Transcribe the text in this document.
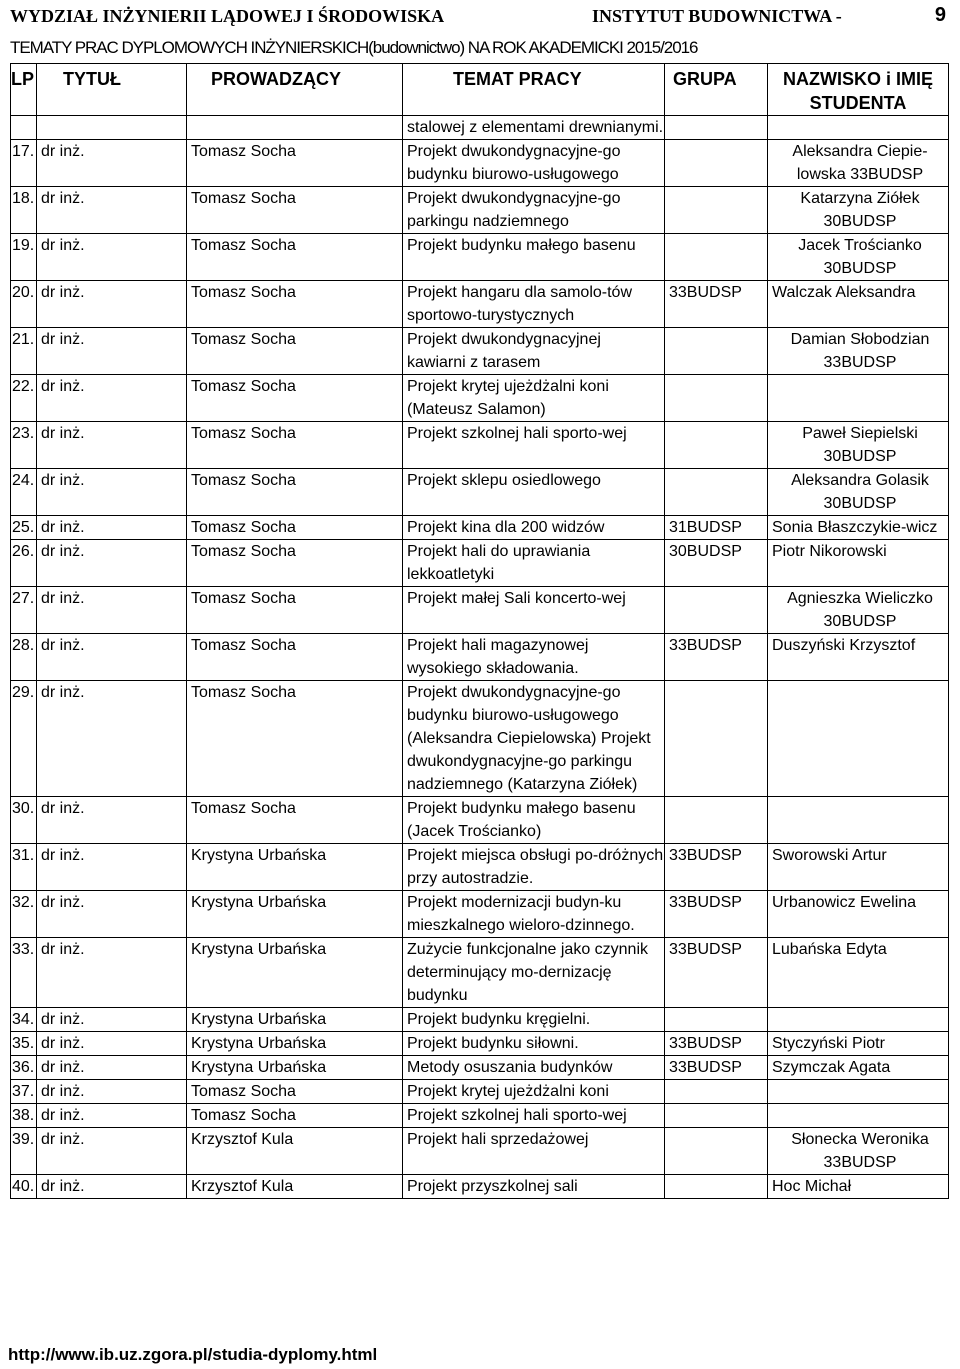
WYDZIAŁ INŻYNIERII LĄDOWEJ I ŚRODOWISKA	INSTYTUT BUDOWNICTWA -	9
TEMATY PRAC DYPLOMOWYCH INŻYNIERSKICH(budownictwo) NA ROK AKADEMICKI 2015/2016
LP	TYTUŁ	PROWADZĄCY	TEMAT PRACY	GRUPA	NAZWISKO i IMIĘ STUDENTA
			stalowej z elementami drewnianymi.		
17.	dr inż.	Tomasz Socha	Projekt dwukondygnacyjne-go budynku biurowo-usługowego		Aleksandra Ciepie-lowska 33BUDSP
18.	dr inż.	Tomasz Socha	Projekt dwukondygnacyjne-go parkingu nadziemnego		Katarzyna Ziółek 30BUDSP
19.	dr inż.	Tomasz Socha	Projekt budynku małego basenu		Jacek Trościanko 30BUDSP
20.	dr inż.	Tomasz Socha	Projekt hangaru dla samolo-tów sportowo-turystycznych	33BUDSP	Walczak Aleksandra
21.	dr inż.	Tomasz Socha	Projekt dwukondygnacyjnej kawiarni z tarasem		Damian Słobodzian 33BUDSP
22.	dr inż.	Tomasz Socha	Projekt krytej ujeżdżalni koni (Mateusz Salamon)		
23.	dr inż.	Tomasz Socha	Projekt szkolnej hali sporto-wej		Paweł Siepielski 30BUDSP
24.	dr inż.	Tomasz Socha	Projekt sklepu osiedlowego		Aleksandra Golasik 30BUDSP
25.	dr inż.	Tomasz Socha	Projekt kina dla 200 widzów	31BUDSP	Sonia Błaszczykie-wicz
26.	dr inż.	Tomasz Socha	Projekt hali do uprawiania lekkoatletyki	30BUDSP	Piotr Nikorowski
27.	dr inż.	Tomasz Socha	Projekt małej Sali koncerto-wej		Agnieszka Wieliczko 30BUDSP
28.	dr inż.	Tomasz Socha	Projekt hali magazynowej wysokiego składowania.	33BUDSP	Duszyński Krzysztof
29.	dr inż.	Tomasz Socha	Projekt dwukondygnacyjne-go budynku biurowo-usługowego (Aleksandra Ciepielowska) Projekt dwukondygnacyjne-go parkingu nadziemnego (Katarzyna Ziółek)		
30.	dr inż.	Tomasz Socha	Projekt budynku małego basenu (Jacek Trościanko)		
31.	dr inż.	Krystyna Urbańska	Projekt miejsca obsługi po-dróżnych przy autostradzie.	33BUDSP	Sworowski Artur
32.	dr inż.	Krystyna Urbańska	Projekt modernizacji budyn-ku mieszkalnego wieloro-dzinnego.	33BUDSP	Urbanowicz Ewelina
33.	dr inż.	Krystyna Urbańska	Zużycie funkcjonalne jako czynnik determinujący mo-dernizację budynku	33BUDSP	Lubańska Edyta
34.	dr inż.	Krystyna Urbańska	Projekt budynku kręgielni.		
35.	dr inż.	Krystyna Urbańska	Projekt budynku siłowni.	33BUDSP	Styczyński Piotr
36.	dr inż.	Krystyna Urbańska	Metody osuszania budynków	33BUDSP	Szymczak Agata
37.	dr inż.	Tomasz Socha	Projekt krytej ujeżdżalni koni		
38.	dr inż.	Tomasz Socha	Projekt szkolnej hali sporto-wej		
39.	dr inż.	Krzysztof Kula	Projekt hali sprzedażowej		Słonecka Weronika 33BUDSP
40.	dr inż.	Krzysztof Kula	Projekt przyszkolnej sali		Hoc Michał
http://www.ib.uz.zgora.pl/studia-dyplomy.html
